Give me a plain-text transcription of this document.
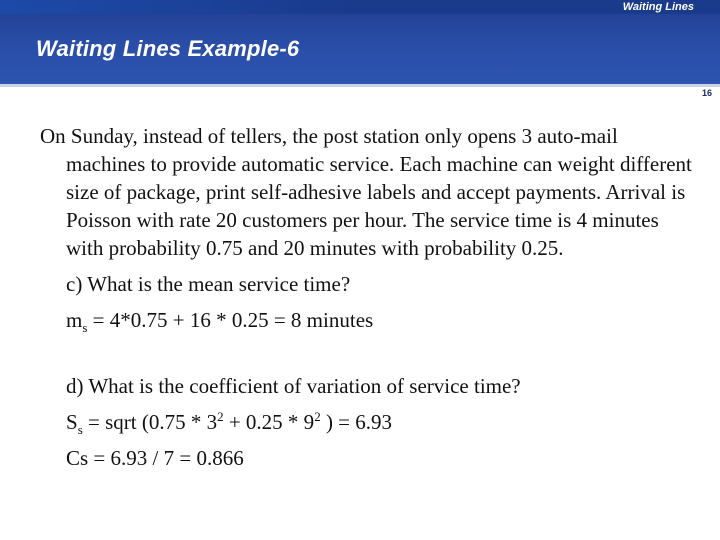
Waiting Lines
Waiting Lines Example-6
16

On Sunday, instead of tellers, the post station only opens 3 auto-mail machines to provide automatic service. Each machine can weight different size of package, print self-adhesive labels and accept payments. Arrival is Poisson with rate 20 customers per hour. The service time is 4 minutes with probability 0.75 and 20 minutes with probability 0.25.

c) What is the mean service time?

$m_s = 4*0.75 + 16 * 0.25 = 8$ minutes

d) What is the coefficient of variation of service time?

$S_s$ = sqrt ($0.75 * 3^2 + 0.25 * 9^2$ ) = 6.93

Cs = 6.93 / 7 = 0.866
